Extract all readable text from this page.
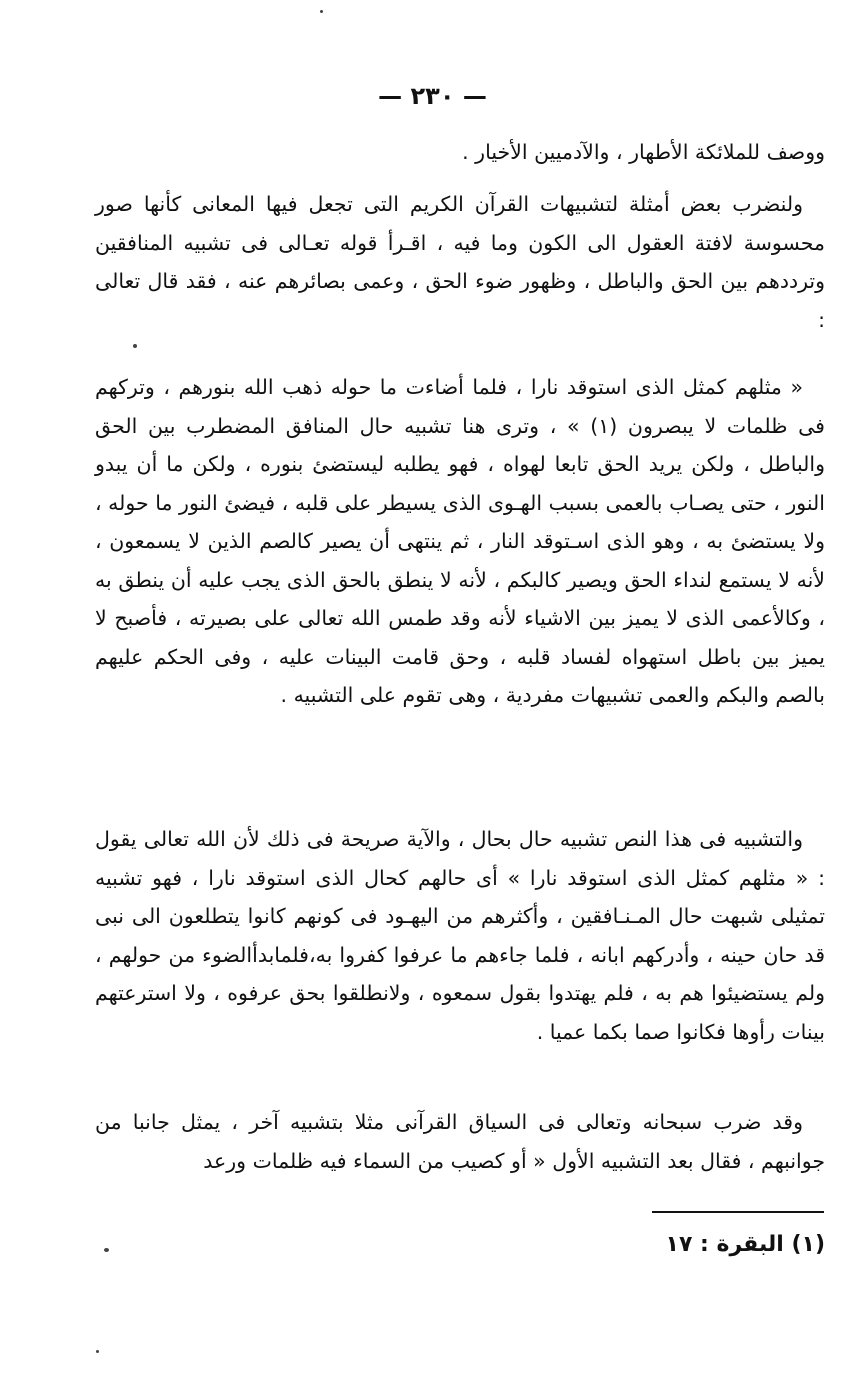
— ٢٣٠ —

ووصف للملائكة الأطهار ، والآدميين الأخيار .

ولنضرب بعض أمثلة لتشبيهات القرآن الكريم التى تجعل فيها المعانى كأنها صور محسوسة لافتة العقول الى الكون وما فيه ، اقـرأ قوله تعـالى فى تشبيه المنافقين وترددهم بين الحق والباطل ، وظهور ضوء الحق ، وعمى بصائرهم عنه ، فقد قال تعالى :

« مثلهم كمثل الذى استوقد نارا ، فلما أضاءت ما حوله ذهب الله بنورهم ، وتركهم فى ظلمات لا يبصرون (١) » ، وترى هنا تشبيه حال المنافق المضطرب بين الحق والباطل ، ولكن يريد الحق تابعا لهواه ، فهو يطلبه ليستضئ بنوره ، ولكن ما أن يبدو النور ، حتى يصـاب بالعمى بسبب الهـوى الذى يسيطر على قلبه ، فيضئ النور ما حوله ، ولا يستضئ به ، وهو الذى اسـتوقد النار ، ثم ينتهى أن يصير كالصم الذين لا يسمعون ، لأنه لا يستمع لنداء الحق ويصير كالبكم ، لأنه لا ينطق بالحق الذى يجب عليه أن ينطق به ، وكالأعمى الذى لا يميز بين الاشياء لأنه وقد طمس الله تعالى على بصيرته ، فأصبح لا يميز بين باطل استهواه لفساد قلبه ، وحق قامت البينات عليه ، وفى الحكم عليهم بالصم والبكم والعمى تشبيهات مفردية ، وهى تقوم على التشبيه .

والتشبيه فى هذا النص تشبيه حال بحال ، والآية صريحة فى ذلك لأن الله تعالى يقول : « مثلهم كمثل الذى استوقد نارا » أى حالهم كحال الذى استوقد نارا ، فهو تشبيه تمثيلى شبهت حال المـنـافقين ، وأكثرهم من اليهـود فى كونهم كانوا يتطلعون الى نبى قد حان حينه ، وأدركهم ابانه ، فلما جاءهم ما عرفوا كفروا به،فلمابدأالضوء من حولهم ، ولم يستضيئوا هم به ، فلم يهتدوا بقول سمعوه ، ولانطلقوا بحق عرفوه ، ولا استرعتهم بينات رأوها فكانوا صما بكما عميا .

وقد ضرب سبحانه وتعالى فى السياق القرآنى مثلا بتشبيه آخر ، يمثل جانبا من جوانبهم ، فقال بعد التشبيه الأول « أو كصيب من السماء فيه ظلمات ورعد

(١) البقرة : ١٧
